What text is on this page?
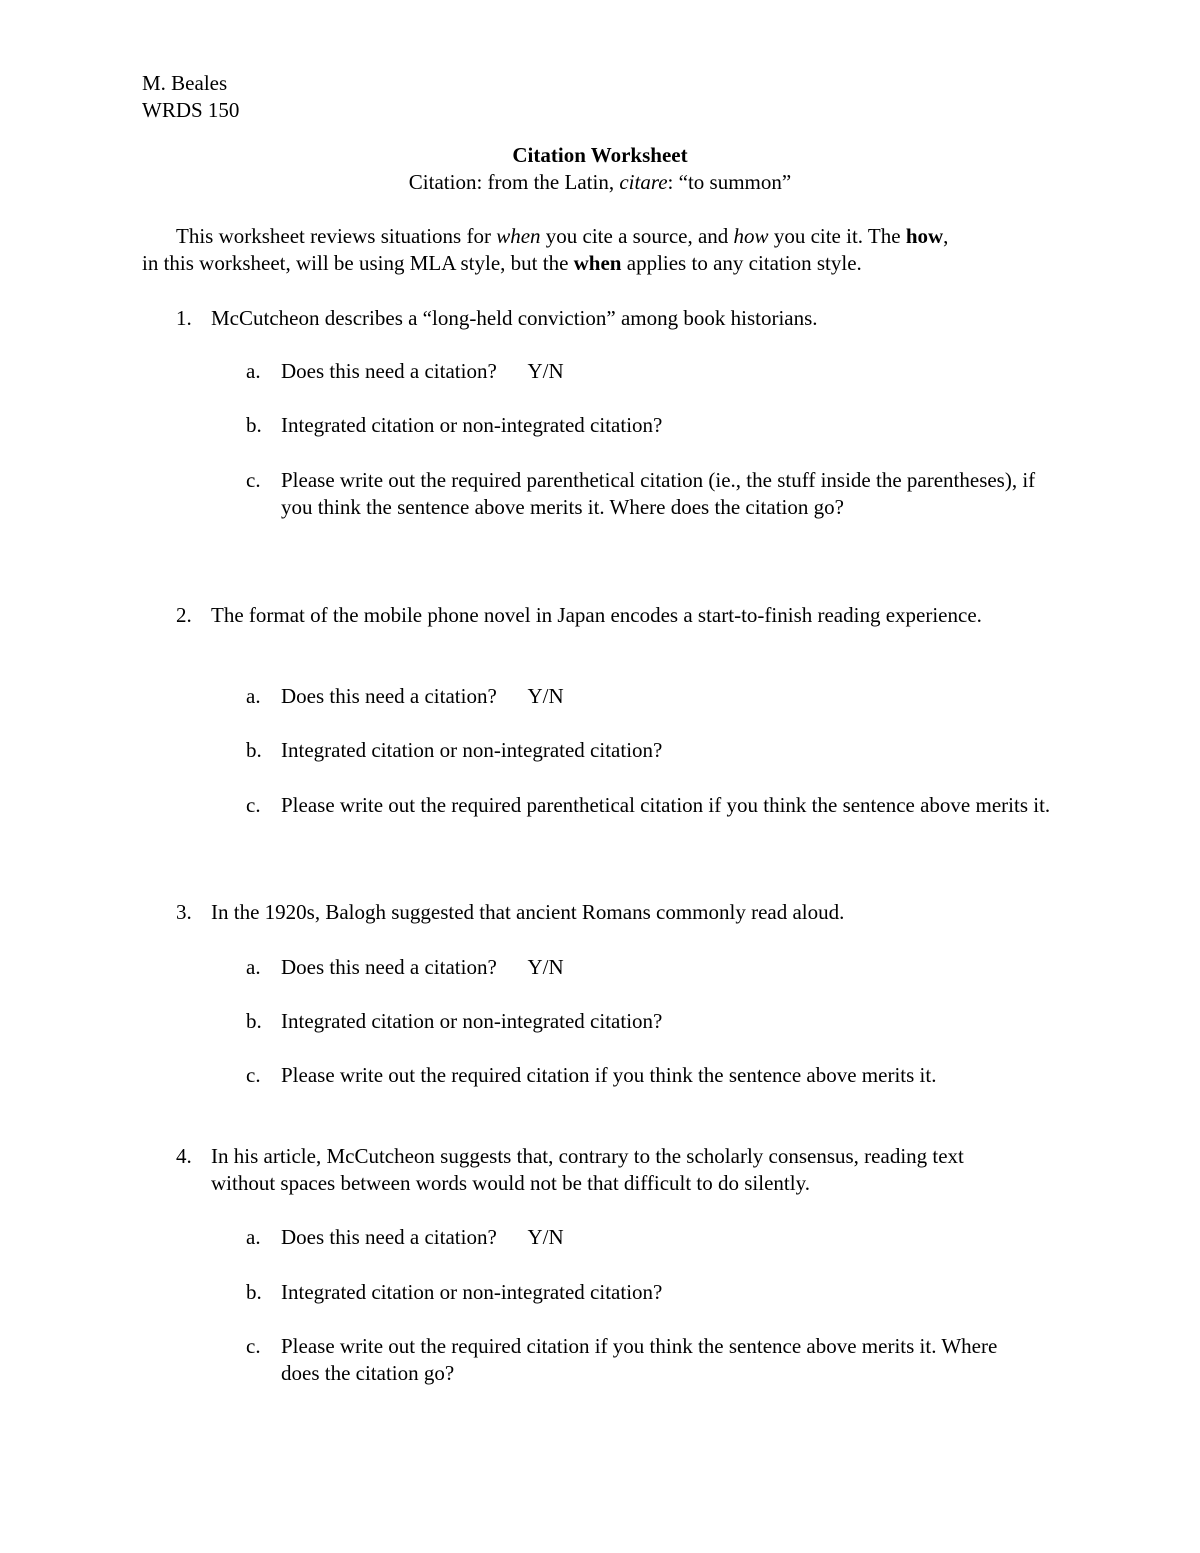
M. Beales
WRDS 150
Citation Worksheet
Citation: from the Latin, citare: “to summon”
This worksheet reviews situations for when you cite a source, and how you cite it. The how,
in this worksheet, will be using MLA style, but the when applies to any citation style.
1. McCutcheon describes a “long-held conviction” among book historians.
a. Does this need a citation?      Y/N
b. Integrated citation or non-integrated citation?
c. Please write out the required parenthetical citation (ie., the stuff inside the parentheses), if you think the sentence above merits it. Where does the citation go?
2. The format of the mobile phone novel in Japan encodes a start-to-finish reading experience.
a. Does this need a citation?      Y/N
b. Integrated citation or non-integrated citation?
c. Please write out the required parenthetical citation if you think the sentence above merits it.
3. In the 1920s, Balogh suggested that ancient Romans commonly read aloud.
a. Does this need a citation?      Y/N
b. Integrated citation or non-integrated citation?
c. Please write out the required citation if you think the sentence above merits it.
4. In his article, McCutcheon suggests that, contrary to the scholarly consensus, reading text without spaces between words would not be that difficult to do silently.
a. Does this need a citation?      Y/N
b. Integrated citation or non-integrated citation?
c. Please write out the required citation if you think the sentence above merits it. Where does the citation go?
